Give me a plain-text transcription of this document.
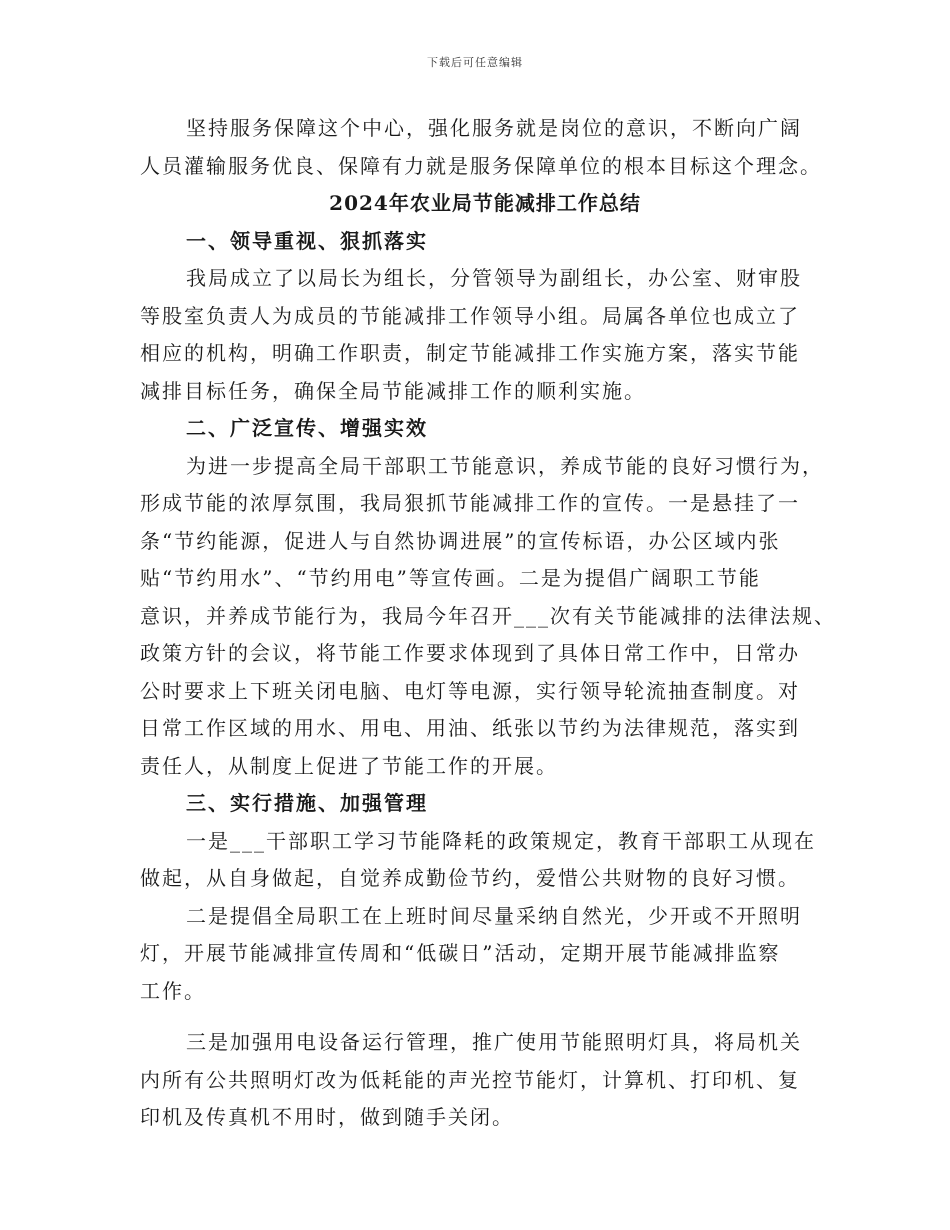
下载后可任意编辑
坚持服务保障这个中心，强化服务就是岗位的意识，不断向广阔
人员灌输服务优良、保障有力就是服务保障单位的根本目标这个理念。
2024年农业局节能减排工作总结
一、领导重视、狠抓落实
我局成立了以局长为组长，分管领导为副组长，办公室、财审股
等股室负责人为成员的节能减排工作领导小组。局属各单位也成立了
相应的机构，明确工作职责，制定节能减排工作实施方案，落实节能
减排目标任务，确保全局节能减排工作的顺利实施。
二、广泛宣传、增强实效
为进一步提高全局干部职工节能意识，养成节能的良好习惯行为，
形成节能的浓厚氛围，我局狠抓节能减排工作的宣传。一是悬挂了一
条“节约能源，促进人与自然协调进展”的宣传标语，办公区域内张
贴“节约用水”、“节约用电”等宣传画。二是为提倡广阔职工节能
意识，并养成节能行为，我局今年召开___次有关节能减排的法律法规、
政策方针的会议，将节能工作要求体现到了具体日常工作中，日常办
公时要求上下班关闭电脑、电灯等电源，实行领导轮流抽查制度。对
日常工作区域的用水、用电、用油、纸张以节约为法律规范，落实到
责任人，从制度上促进了节能工作的开展。
三、实行措施、加强管理
一是___干部职工学习节能降耗的政策规定，教育干部职工从现在
做起，从自身做起，自觉养成勤俭节约，爱惜公共财物的良好习惯。
二是提倡全局职工在上班时间尽量采纳自然光，少开或不开照明
灯，开展节能减排宣传周和“低碳日”活动，定期开展节能减排监察
工作。
三是加强用电设备运行管理，推广使用节能照明灯具，将局机关
内所有公共照明灯改为低耗能的声光控节能灯，计算机、打印机、复
印机及传真机不用时，做到随手关闭。
